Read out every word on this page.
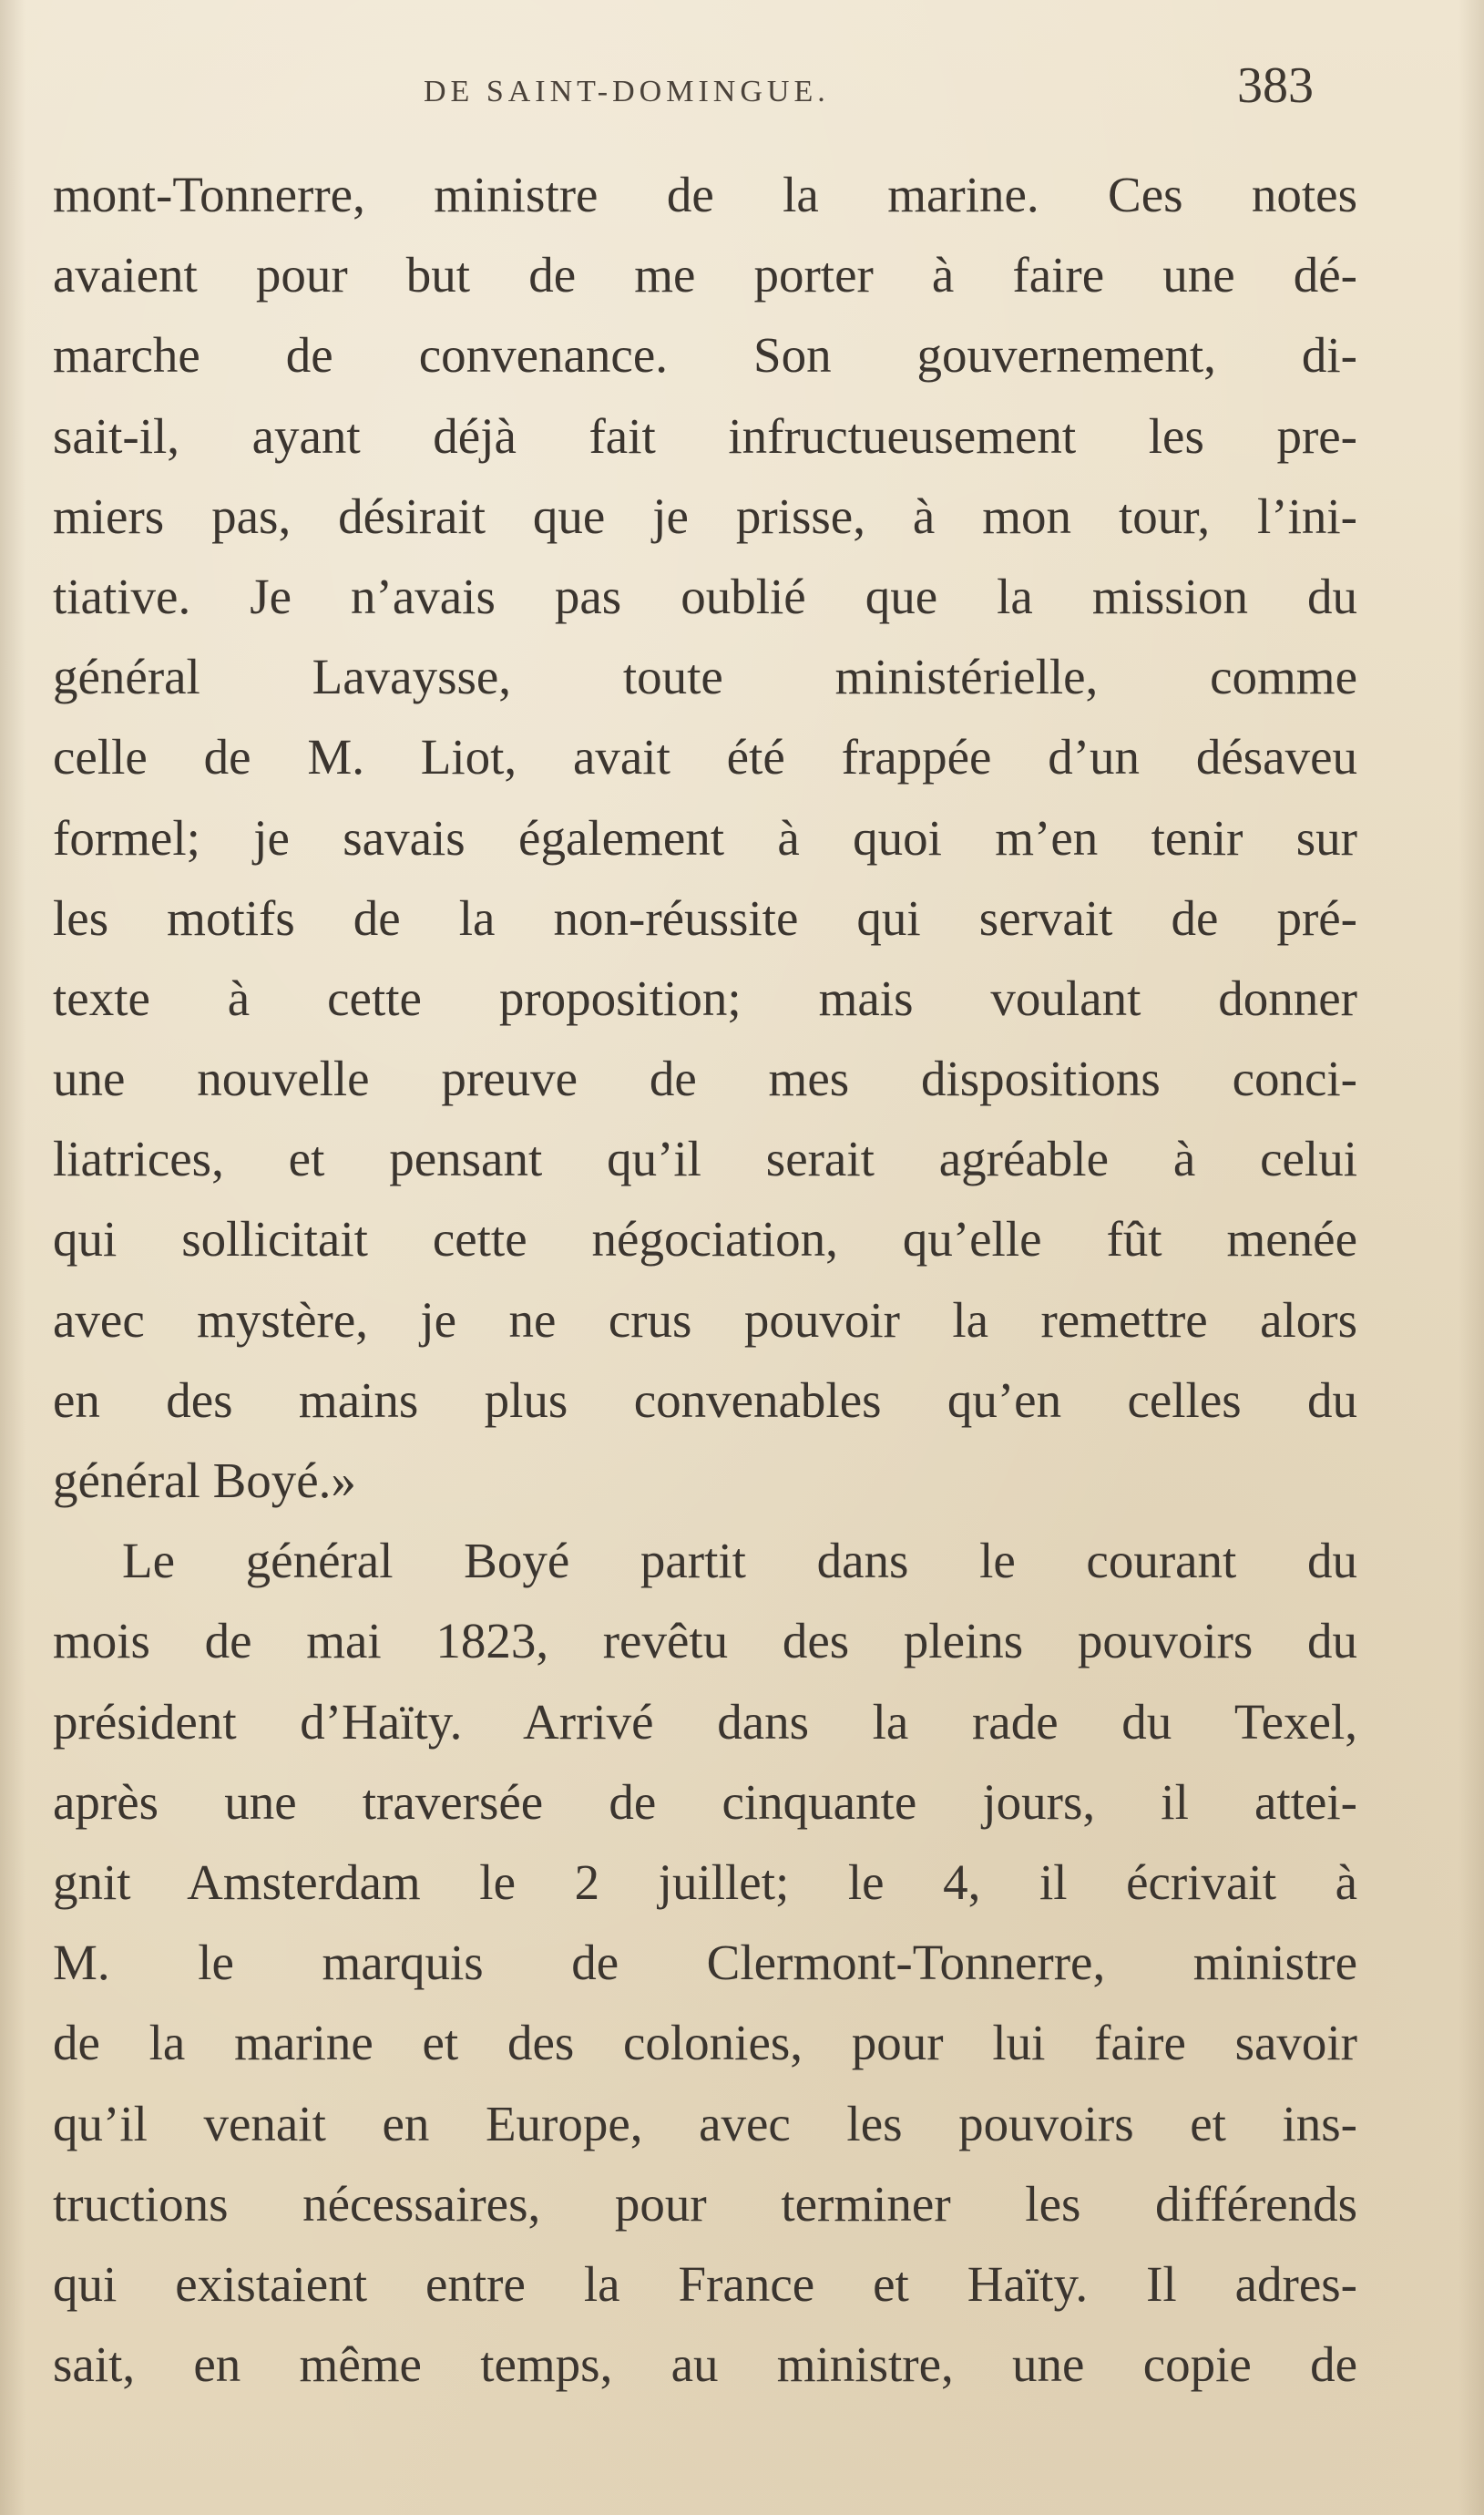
DE SAINT-DOMINGUE.	383
mont-Tonnerre, ministre de la marine. Ces notes
avaient pour but de me porter à faire une dé-
marche de convenance. Son gouvernement, di-
sait-il, ayant déjà fait infructueusement les pre-
miers pas, désirait que je prisse, à mon tour, l’ini-
tiative. Je n’avais pas oublié que la mission du
général Lavaysse, toute ministérielle, comme
celle de M. Liot, avait été frappée d’un désaveu
formel; je savais également à quoi m’en tenir sur
les motifs de la non-réussite qui servait de pré-
texte à cette proposition; mais voulant donner
une nouvelle preuve de mes dispositions conci-
liatrices, et pensant qu’il serait agréable à celui
qui sollicitait cette négociation, qu’elle fût menée
avec mystère, je ne crus pouvoir la remettre alors
en des mains plus convenables qu’en celles du
général Boyé.»
Le général Boyé partit dans le courant du
mois de mai 1823, revêtu des pleins pouvoirs du
président d’Haïty. Arrivé dans la rade du Texel,
après une traversée de cinquante jours, il attei-
gnit Amsterdam le 2 juillet; le 4, il écrivait à
M. le marquis de Clermont-Tonnerre, ministre
de la marine et des colonies, pour lui faire savoir
qu’il venait en Europe, avec les pouvoirs et ins-
tructions nécessaires, pour terminer les différends
qui existaient entre la France et Haïty. Il adres-
sait, en même temps, au ministre, une copie de
